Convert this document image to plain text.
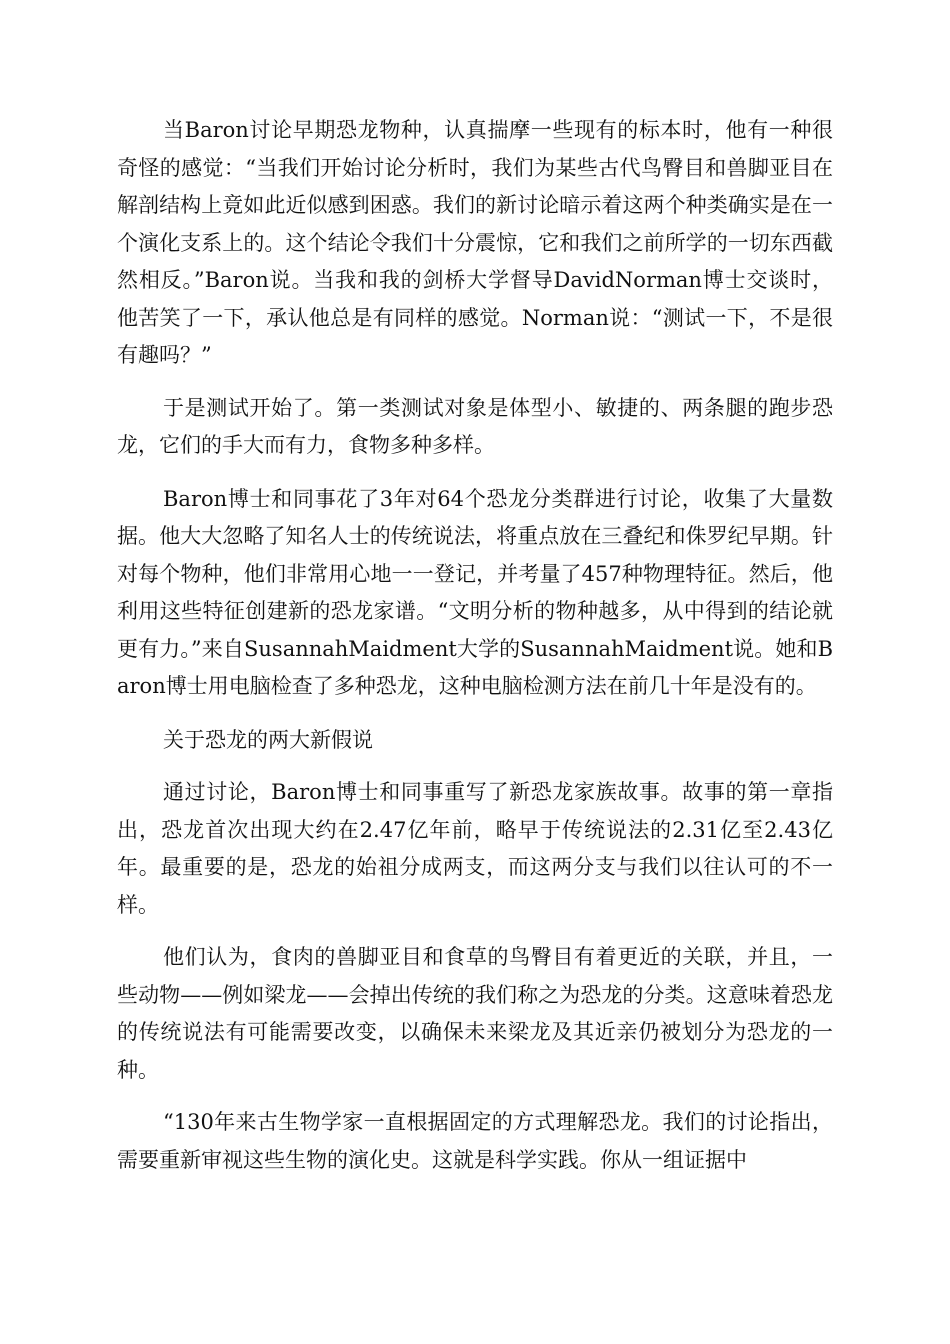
当Baron讨论早期恐龙物种，认真揣摩一些现有的标本时，他有一种很奇怪的感觉：“当我们开始讨论分析时，我们为某些古代鸟臀目和兽脚亚目在解剖结构上竟如此近似感到困惑。我们的新讨论暗示着这两个种类确实是在一个演化支系上的。这个结论令我们十分震惊，它和我们之前所学的一切东西截然相反。”Baron说。当我和我的剑桥大学督导DavidNorman博士交谈时，他苦笑了一下，承认他总是有同样的感觉。Norman说：“测试一下，不是很有趣吗？”

于是测试开始了。第一类测试对象是体型小、敏捷的、两条腿的跑步恐龙，它们的手大而有力，食物多种多样。

Baron博士和同事花了3年对64个恐龙分类群进行讨论，收集了大量数据。他大大忽略了知名人士的传统说法，将重点放在三叠纪和侏罗纪早期。针对每个物种，他们非常用心地一一登记，并考量了457种物理特征。然后，他利用这些特征创建新的恐龙家谱。“文明分析的物种越多，从中得到的结论就更有力。”来自SusannahMaidment大学的SusannahMaidment说。她和Baron博士用电脑检查了多种恐龙，这种电脑检测方法在前几十年是没有的。

关于恐龙的两大新假说

通过讨论，Baron博士和同事重写了新恐龙家族故事。故事的第一章指出，恐龙首次出现大约在2.47亿年前，略早于传统说法的2.31亿至2.43亿年。最重要的是，恐龙的始祖分成两支，而这两分支与我们以往认可的不一样。

他们认为，食肉的兽脚亚目和食草的鸟臀目有着更近的关联，并且，一些动物——例如梁龙——会掉出传统的我们称之为恐龙的分类。这意味着恐龙的传统说法有可能需要改变，以确保未来梁龙及其近亲仍被划分为恐龙的一种。

“130年来古生物学家一直根据固定的方式理解恐龙。我们的讨论指出，需要重新审视这些生物的演化史。这就是科学实践。你从一组证据中
